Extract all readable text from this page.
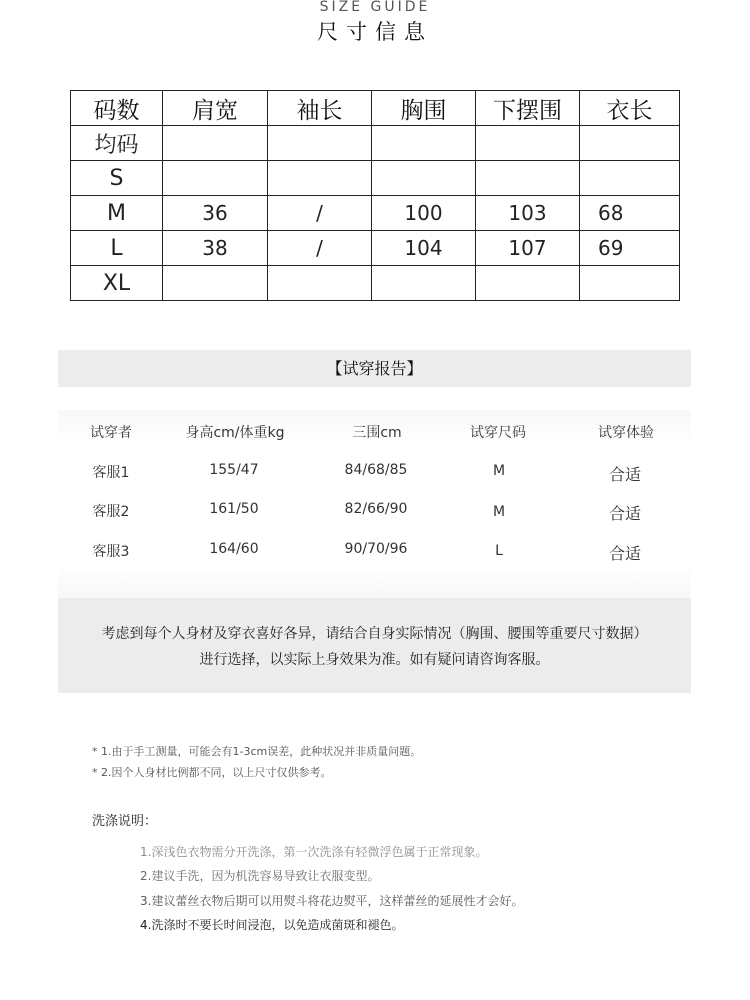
SIZE GUIDE
尺寸信息
码数	肩宽	袖长	胸围	下摆围	衣长
均码					
S					
M	36	/	100	103	68
L	38	/	104	107	69
XL					
【试穿报告】
试穿者	身高cm/体重kg	三围cm	试穿尺码	试穿体验
客服1	155/47	84/68/85	M	合适
客服2	161/50	82/66/90	M	合适
客服3	164/60	90/70/96	L	合适
考虑到每个人身材及穿衣喜好各异，请结合自身实际情况（胸围、腰围等重要尺寸数据）
进行选择，以实际上身效果为准。如有疑问请咨询客服。
* 1.由于手工测量，可能会有1-3cm误差，此种状况并非质量问题。
* 2.因个人身材比例都不同，以上尺寸仅供参考。
洗涤说明：
1.深浅色衣物需分开洗涤，第一次洗涤有轻微浮色属于正常现象。
2.建议手洗，因为机洗容易导致让衣服变型。
3.建议蕾丝衣物后期可以用熨斗将花边熨平，这样蕾丝的延展性才会好。
4.洗涤时不要长时间浸泡，以免造成菌斑和褪色。
